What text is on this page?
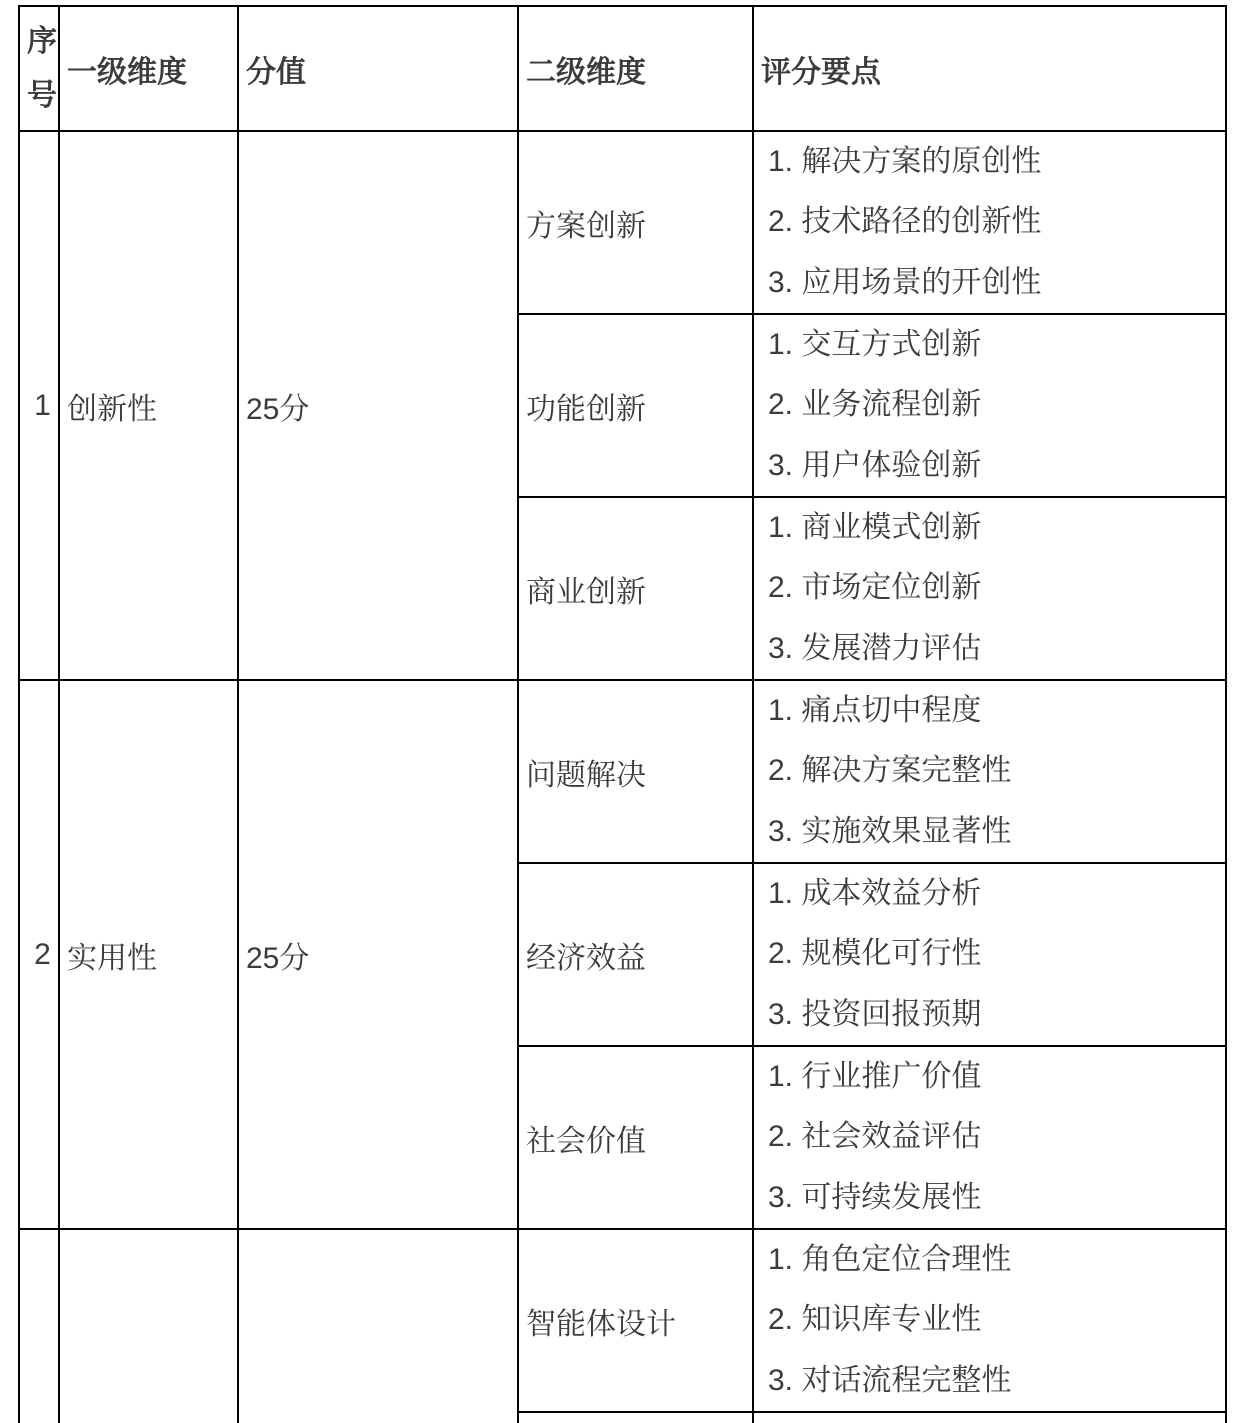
序号	一级维度	分值	二级维度	评分要点
1	创新性	25分	方案创新	1. 解决方案的原创性

2. 技术路径的创新性

3. 应用场景的开创性

			功能创新	1. 交互方式创新

2. 业务流程创新

3. 用户体验创新

			商业创新	1. 商业模式创新

2. 市场定位创新

3. 发展潜力评估

2	实用性	25分	问题解决	1. 痛点切中程度

2. 解决方案完整性

3. 实施效果显著性

			经济效益	1. 成本效益分析

2. 规模化可行性

3. 投资回报预期

			社会价值	1. 行业推广价值

2. 社会效益评估

3. 可持续发展性

			智能体设计	1. 角色定位合理性

2. 知识库专业性

3. 对话流程完整性
